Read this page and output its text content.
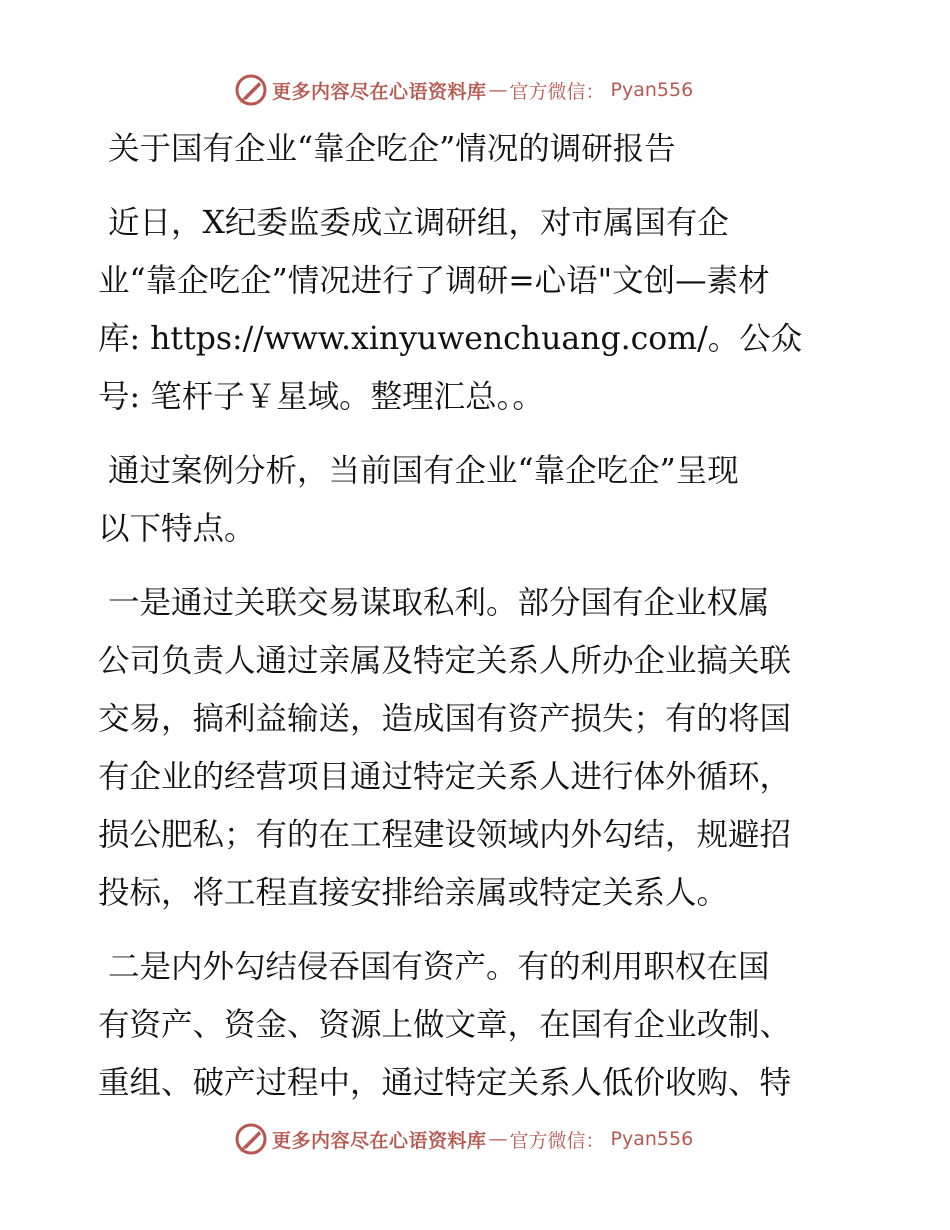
更多内容尽在心语资料库 — 官方微信： Pyan556

关于国有企业“靠企吃企”情况的调研报告

近日，X纪委监委成立调研组，对市属国有企

业“靠企吃企”情况进行了调研=心语"文创—素材

库: https://www.xinyuwenchuang.com/。公众

号: 笔杆子￥星域。整理汇总。。

通过案例分析，当前国有企业“靠企吃企”呈现

以下特点。

一是通过关联交易谋取私利。部分国有企业权属

公司负责人通过亲属及特定关系人所办企业搞关联

交易，搞利益输送，造成国有资产损失；有的将国

有企业的经营项目通过特定关系人进行体外循环，

损公肥私；有的在工程建设领域内外勾结，规避招

投标，将工程直接安排给亲属或特定关系人。

二是内外勾结侵吞国有资产。有的利用职权在国

有资产、资金、资源上做文章，在国有企业改制、

重组、破产过程中，通过特定关系人低价收购、特

更多内容尽在心语资料库 — 官方微信： Pyan556
